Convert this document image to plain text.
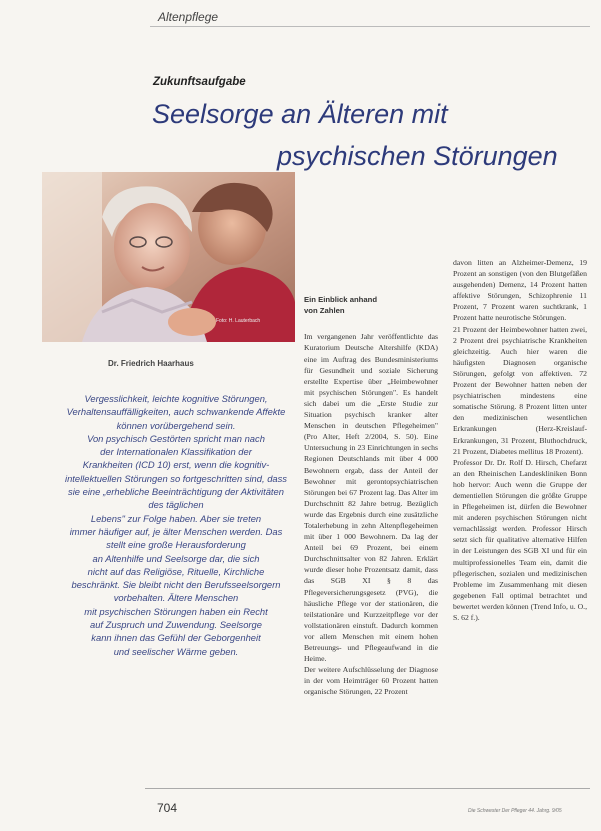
Altenpflege
Zukunftsaufgabe
Seelsorge an Älteren mit
psychischen Störungen
Foto: H. Lauterbach
Dr. Friedrich Haarhaus
Vergesslichkeit, leichte kognitive Störungen,
Verhaltensauffälligkeiten, auch schwankende Affekte können vorübergehend sein.
Von psychisch Gestörten spricht man nach
der Internationalen Klassifikation der
Krankheiten (ICD 10) erst, wenn die kognitiv-intellektuellen Störungen so fortgeschritten sind, dass sie eine „erhebliche Beeinträchtigung der Aktivitäten des täglichen
Lebens" zur Folge haben. Aber sie treten
immer häufiger auf, je älter Menschen werden. Das stellt eine große Herausforderung
an Altenhilfe und Seelsorge dar, die sich
nicht auf das Religiöse, Rituelle, Kirchliche
beschränkt. Sie bleibt nicht den Berufsseelsorgern vorbehalten. Ältere Menschen
mit psychischen Störungen haben ein Recht
auf Zuspruch und Zuwendung. Seelsorge
kann ihnen das Gefühl der Geborgenheit
und seelischer Wärme geben.

Ein Einblick anhand
von Zahlen

Im vergangenen Jahr veröffentlichte das Kuratorium Deutsche Altershilfe (KDA) eine im Auftrag des Bundesministeriums für Gesundheit und soziale Sicherung erstellte Expertise über „Heimbewohner mit psychischen Störungen". Es handelt sich dabei um die „Erste Studie zur Situation psychisch kranker alter Menschen in deutschen Pflegeheimen" (Pro Alter, Heft 2/2004, S. 50). Eine Untersuchung in 23 Einrichtungen in sechs Regionen Deutschlands mit über 4 000 Bewohnern ergab, dass der Anteil der Bewohner mit gerontopsychiatrischen Störungen bei 67 Prozent lag. Das Alter im Durchschnitt 82 Jahre betrug. Bezüglich wurde das Ergebnis durch eine zusätzliche Totalerhebung in zehn Altenpflegeheimen mit über 1 000 Bewohnern. Da lag der Anteil bei 69 Prozent, bei einem Durchschnittsalter von 82 Jahren. Erklärt wurde dieser hohe Prozentsatz damit, dass das SGB XI § 8 das Pflegeversicherungsgesetz (PVG), die häusliche Pflege vor der stationären, die teilstationäre und Kurzzeitpflege vor der vollstationären einstuft. Dadurch kommen vor allem Menschen mit einem hohen Betreuungs- und Pflegeaufwand in die Heime.
Der weitere Aufschlüsselung der Diagnose in der vom Heimträger 60 Prozent hatten organische Störungen, 22 Prozent

davon litten an Alzheimer-Demenz, 19 Prozent an sonstigen (von den Blutgefäßen ausgehenden) Demenz, 14 Prozent hatten affektive Störungen, Schizophrenie 11 Prozent, 7 Prozent waren suchtkrank, 1 Prozent hatte neurotische Störungen.
21 Prozent der Heimbewohner hatten zwei, 2 Prozent drei psychiatrische Krankheiten gleichzeitig. Auch hier waren die häufigsten Diagnosen organische Störungen, gefolgt von affektiven. 72 Prozent der Bewohner hatten neben der psychiatrischen mindestens eine somatische Störung. 8 Prozent litten unter den medizinischen wesentlichen Erkrankungen (Herz-Kreislauf-Erkrankungen, 31 Prozent, Bluthochdruck, 21 Prozent, Diabetes mellitus 18 Prozent).
Professor Dr. Dr. Rolf D. Hirsch, Chefarzt an den Rheinischen Landeskliniken Bonn hob hervor: Auch wenn die Gruppe der dementiellen Störungen die größte Gruppe in Pflegeheimen ist, dürfen die Bewohner mit anderen psychischen Störungen nicht vernachlässigt werden. Professor Hirsch setzt sich für qualitative alternative Hilfen in der Leistungen des SGB XI und für ein multiprofessionelles Team ein, damit die pflegerischen, sozialen und medizinischen Probleme im Zusammenhang mit diesen gegebenen Fall optimal betrachtet und bewertet werden können (Trend Info, u. O., S. 62 f.).
704	Die Schwester Der Pfleger 44. Jahrg. 9/05
